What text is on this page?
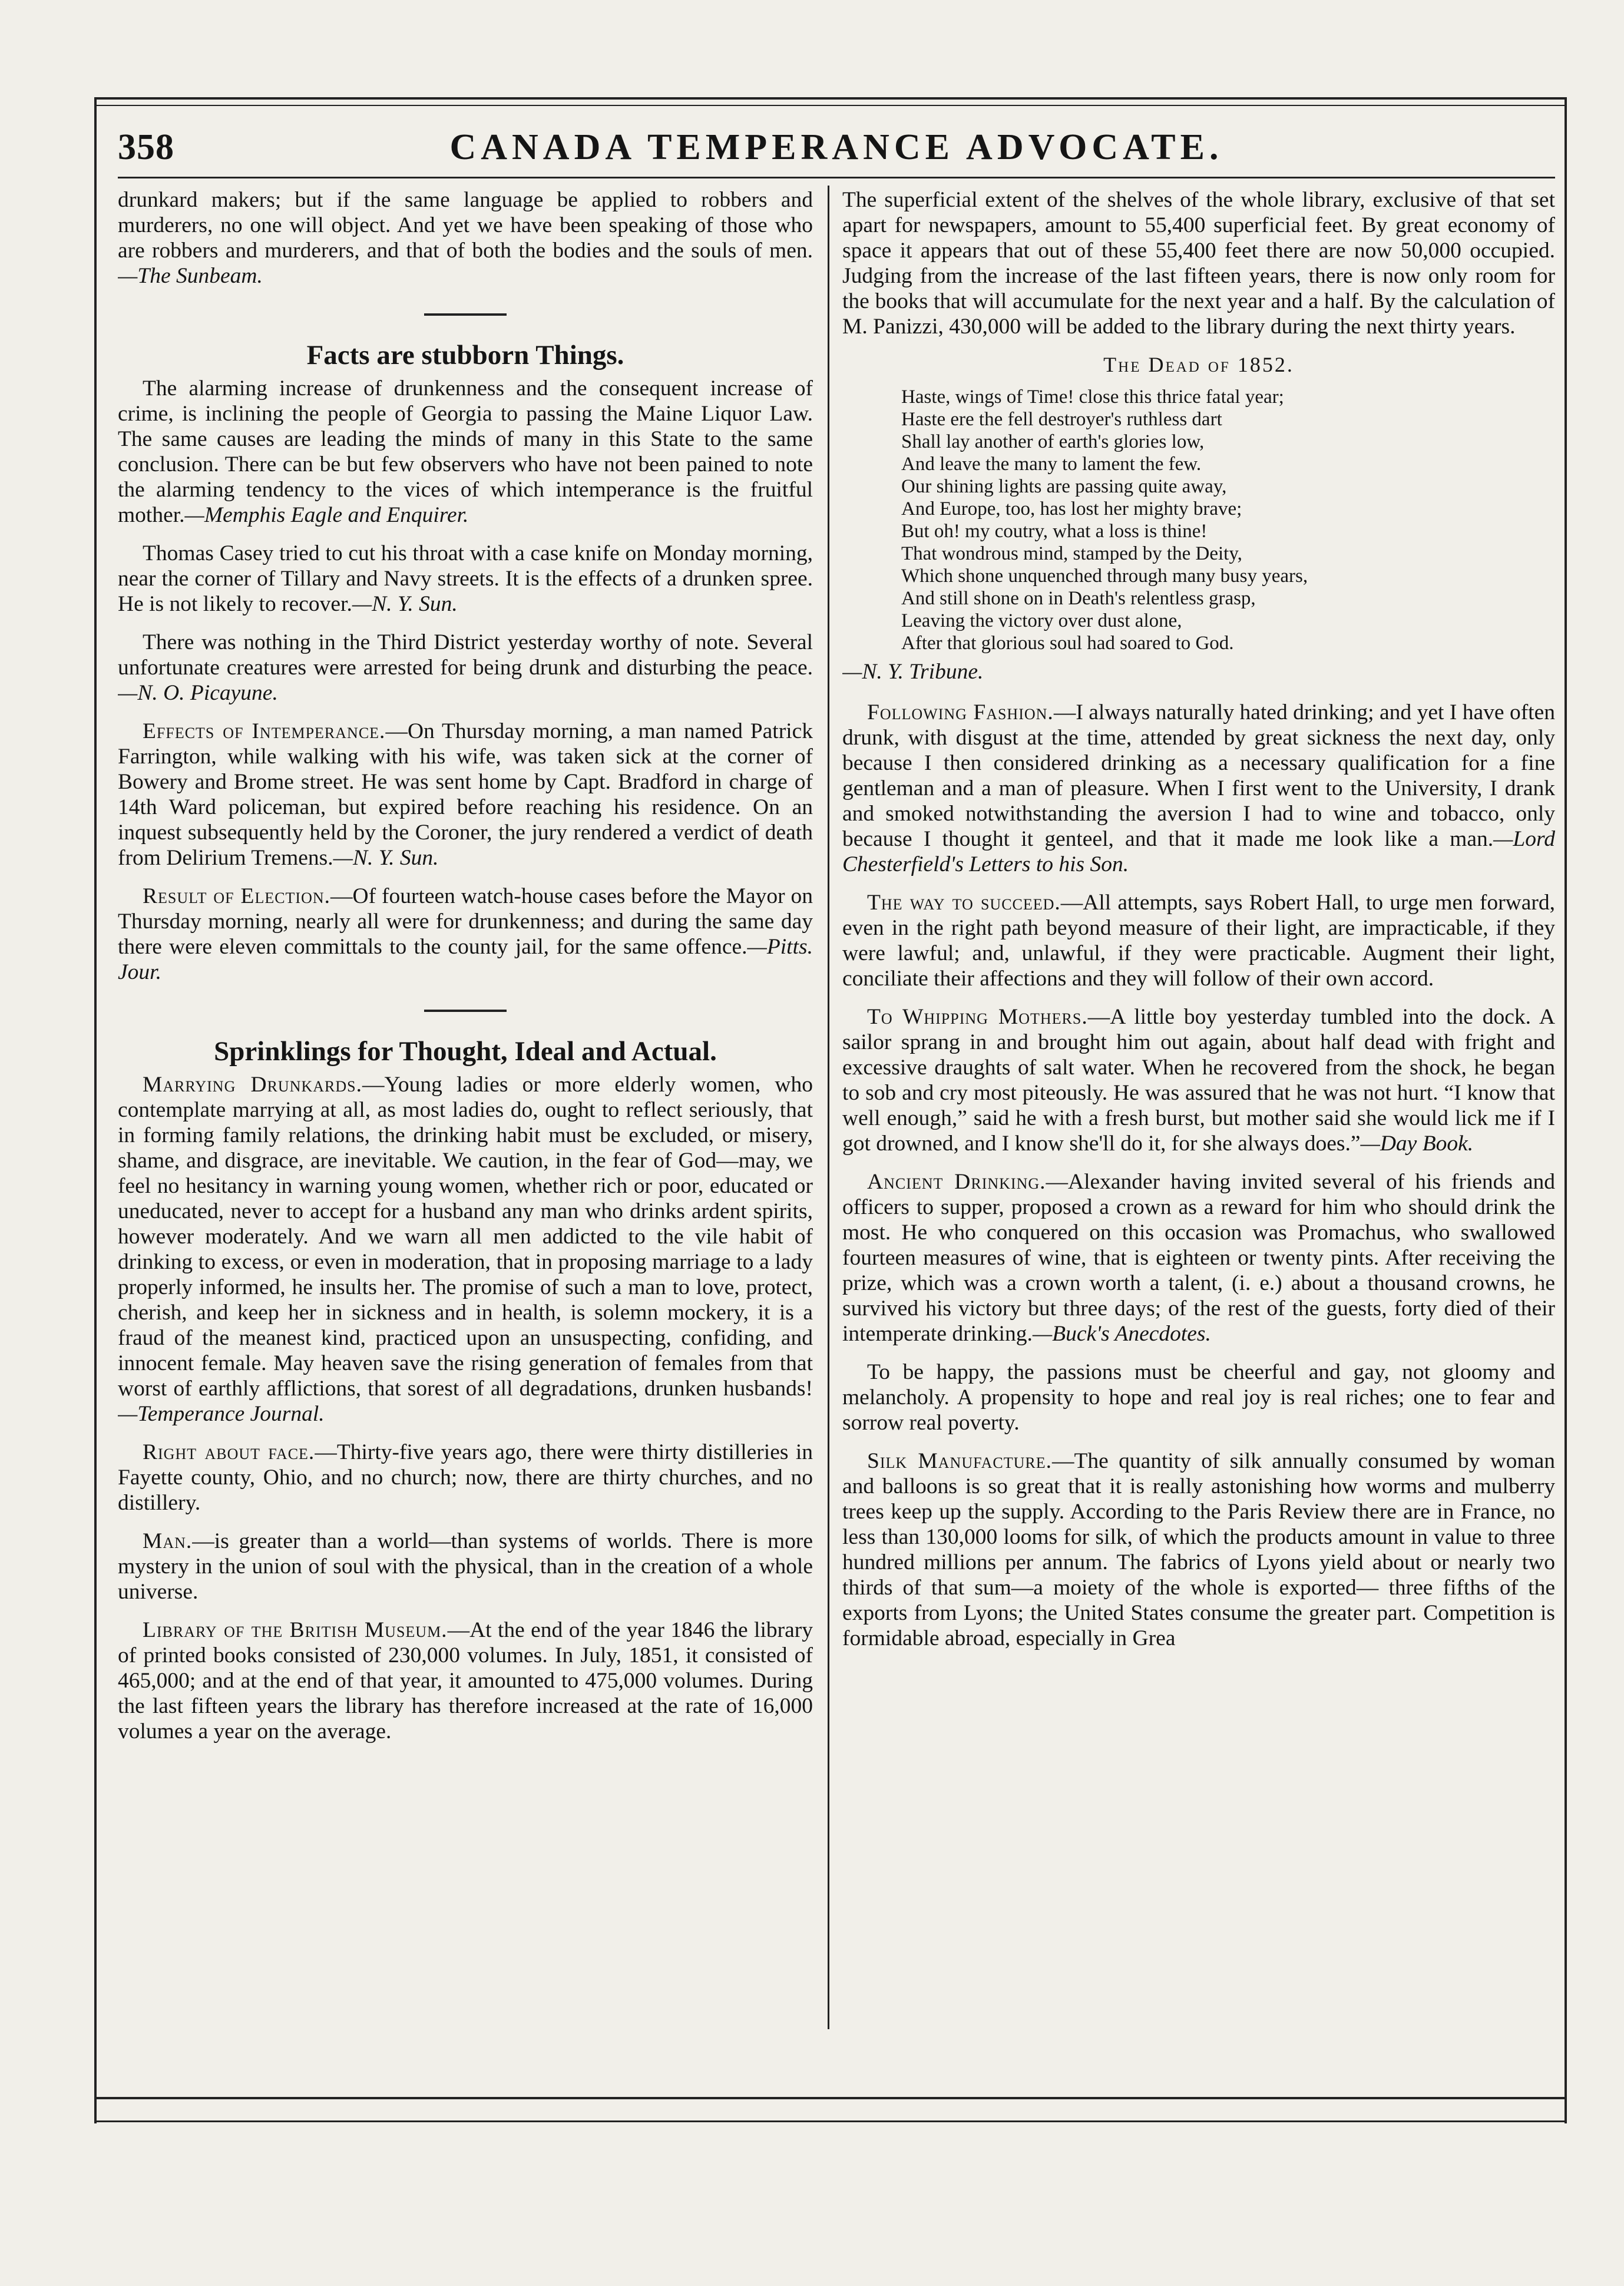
358	CANADA TEMPERANCE ADVOCATE.

drunkard makers; but if the same language be applied to robbers and murderers, no one will object. And yet we have been speaking of those who are robbers and murderers, and that of both the bodies and the souls of men. —The Sunbeam.

Facts are stubborn Things.

The alarming increase of drunkenness and the consequent increase of crime, is inclining the people of Georgia to passing the Maine Liquor Law. The same causes are leading the minds of many in this State to the same conclusion. There can be but few observers who have not been pained to note the alarming tendency to the vices of which intemperance is the fruitful mother.—Memphis Eagle and Enquirer.

Thomas Casey tried to cut his throat with a case knife on Monday morning, near the corner of Tillary and Navy streets. It is the effects of a drunken spree. He is not likely to recover.—N. Y. Sun.

There was nothing in the Third District yesterday worthy of note. Several unfortunate creatures were arrested for being drunk and disturbing the peace.—N. O. Picayune.

Effects of Intemperance.—On Thursday morning, a man named Patrick Farrington, while walking with his wife, was taken sick at the corner of Bowery and Brome street. He was sent home by Capt. Bradford in charge of 14th Ward policeman, but expired before reaching his residence. On an inquest subsequently held by the Coroner, the jury rendered a verdict of death from Delirium Tremens.—N. Y. Sun.

Result of Election.—Of fourteen watch-house cases before the Mayor on Thursday morning, nearly all were for drunkenness; and during the same day there were eleven committals to the county jail, for the same offence.—Pitts. Jour.

Sprinklings for Thought, Ideal and Actual.

Marrying Drunkards.—Young ladies or more elderly women, who contemplate marrying at all, as most ladies do, ought to reflect seriously, that in forming family relations, the drinking habit must be excluded, or misery, shame, and disgrace, are inevitable. We caution, in the fear of God—may, we feel no hesitancy in warning young women, whether rich or poor, educated or uneducated, never to accept for a husband any man who drinks ardent spirits, however moderately. And we warn all men addicted to the vile habit of drinking to excess, or even in moderation, that in proposing marriage to a lady properly informed, he insults her. The promise of such a man to love, protect, cherish, and keep her in sickness and in health, is solemn mockery, it is a fraud of the meanest kind, practiced upon an unsuspecting, confiding, and innocent female. May heaven save the rising generation of females from that worst of earthly afflictions, that sorest of all degradations, drunken husbands!—Temperance Journal.

Right about face.—Thirty-five years ago, there were thirty distilleries in Fayette county, Ohio, and no church; now, there are thirty churches, and no distillery.

Man.—is greater than a world—than systems of worlds. There is more mystery in the union of soul with the physical, than in the creation of a whole universe.

Library of the British Museum.—At the end of the year 1846 the library of printed books consisted of 230,000 volumes. In July, 1851, it consisted of 465,000; and at the end of that year, it amounted to 475,000 volumes. During the last fifteen years the library has therefore increased at the rate of 16,000 volumes a year on the average.

The superficial extent of the shelves of the whole library, exclusive of that set apart for newspapers, amount to 55,400 superficial feet. By great economy of space it appears that out of these 55,400 feet there are now 50,000 occupied. Judging from the increase of the last fifteen years, there is now only room for the books that will accumulate for the next year and a half. By the calculation of M. Panizzi, 430,000 will be added to the library during the next thirty years.

The Dead of 1852.
Haste, wings of Time! close this thrice fatal year;
Haste ere the fell destroyer's ruthless dart
Shall lay another of earth's glories low,
And leave the many to lament the few.
Our shining lights are passing quite away,
And Europe, too, has lost her mighty brave;
But oh! my coutry, what a loss is thine!
That wondrous mind, stamped by the Deity,
Which shone unquenched through many busy years,
And still shone on in Death's relentless grasp,
Leaving the victory over dust alone,
After that glorious soul had soared to God.
—N. Y. Tribune.

Following Fashion.—I always naturally hated drinking; and yet I have often drunk, with disgust at the time, attended by great sickness the next day, only because I then considered drinking as a necessary qualification for a fine gentleman and a man of pleasure. When I first went to the University, I drank and smoked notwithstanding the aversion I had to wine and tobacco, only because I thought it genteel, and that it made me look like a man.—Lord Chesterfield's Letters to his Son.

The way to succeed.—All attempts, says Robert Hall, to urge men forward, even in the right path beyond measure of their light, are impracticable, if they were lawful; and, unlawful, if they were practicable. Augment their light, conciliate their affections and they will follow of their own accord.

To Whipping Mothers.—A little boy yesterday tumbled into the dock. A sailor sprang in and brought him out again, about half dead with fright and excessive draughts of salt water. When he recovered from the shock, he began to sob and cry most piteously. He was assured that he was not hurt. “I know that well enough,” said he with a fresh burst, but mother said she would lick me if I got drowned, and I know she'll do it, for she always does.”—Day Book.

Ancient Drinking.—Alexander having invited several of his friends and officers to supper, proposed a crown as a reward for him who should drink the most. He who conquered on this occasion was Promachus, who swallowed fourteen measures of wine, that is eighteen or twenty pints. After receiving the prize, which was a crown worth a talent, (i. e.) about a thousand crowns, he survived his victory but three days; of the rest of the guests, forty died of their intemperate drinking.—Buck's Anecdotes.

To be happy, the passions must be cheerful and gay, not gloomy and melancholy. A propensity to hope and real joy is real riches; one to fear and sorrow real poverty.

Silk Manufacture.—The quantity of silk annually consumed by woman and balloons is so great that it is really astonishing how worms and mulberry trees keep up the supply. According to the Paris Review there are in France, no less than 130,000 looms for silk, of which the products amount in value to three hundred millions per annum. The fabrics of Lyons yield about or nearly two thirds of that sum—a moiety of the whole is exported— three fifths of the exports from Lyons; the United States consume the greater part. Competition is formidable abroad, especially in Grea
